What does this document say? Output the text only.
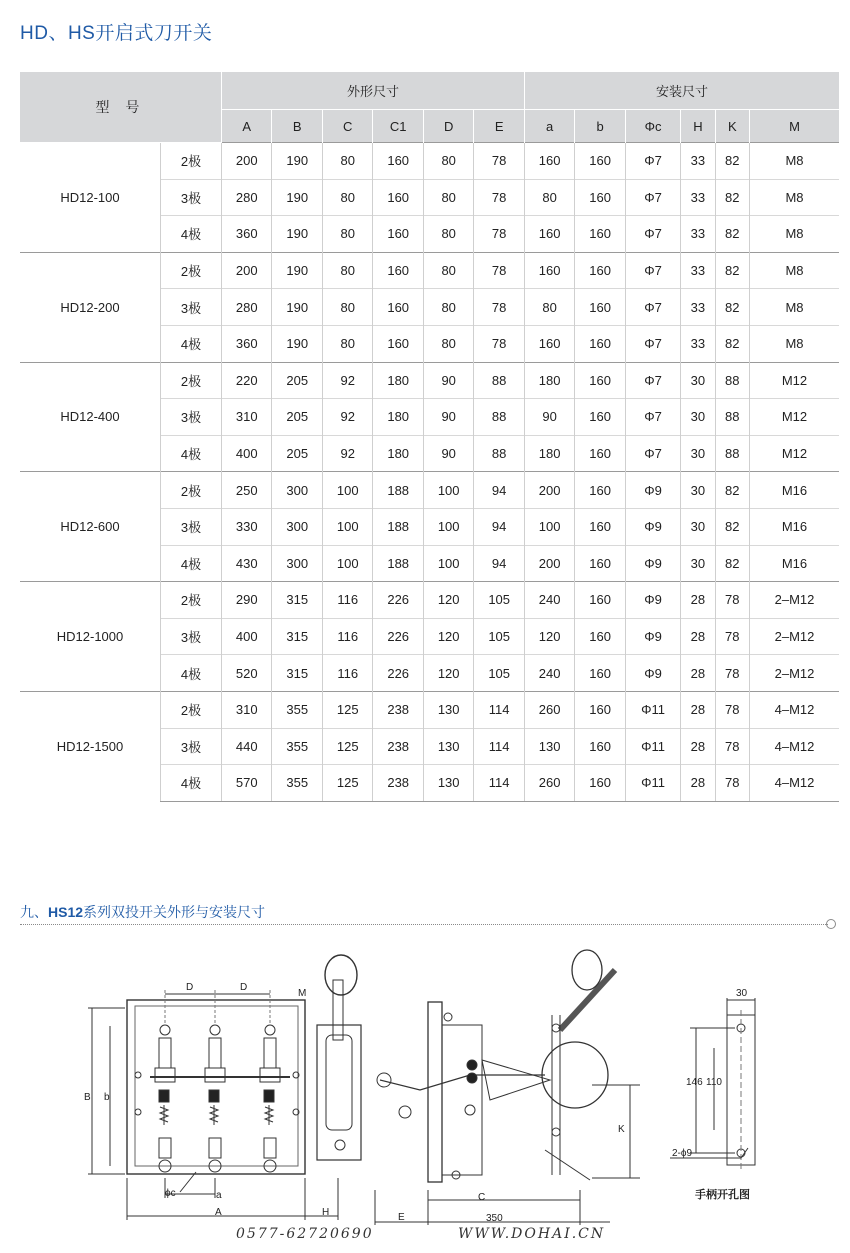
HD、HS开启式刀开关
型 号		外形尺寸						安装尺寸					
		A	B	C	C1	D	E	a	b	Φc	H	K	M
HD12-100	2极	200	190	80	160	80	78	160	160	Φ7	33	82	M8
	3极	280	190	80	160	80	78	80	160	Φ7	33	82	M8
	4极	360	190	80	160	80	78	160	160	Φ7	33	82	M8
HD12-200	2极	200	190	80	160	80	78	160	160	Φ7	33	82	M8
	3极	280	190	80	160	80	78	80	160	Φ7	33	82	M8
	4极	360	190	80	160	80	78	160	160	Φ7	33	82	M8
HD12-400	2极	220	205	92	180	90	88	180	160	Φ7	30	88	M12
	3极	310	205	92	180	90	88	90	160	Φ7	30	88	M12
	4极	400	205	92	180	90	88	180	160	Φ7	30	88	M12
HD12-600	2极	250	300	100	188	100	94	200	160	Φ9	30	82	M16
	3极	330	300	100	188	100	94	100	160	Φ9	30	82	M16
	4极	430	300	100	188	100	94	200	160	Φ9	30	82	M16
HD12-1000	2极	290	315	116	226	120	105	240	160	Φ9	28	78	2–M12
	3极	400	315	116	226	120	105	120	160	Φ9	28	78	2–M12
	4极	520	315	116	226	120	105	240	160	Φ9	28	78	2–M12
HD12-1500	2极	310	355	125	238	130	114	260	160	Φ11	28	78	4–M12
	3极	440	355	125	238	130	114	130	160	Φ11	28	78	4–M12
	4极	570	355	125	238	130	114	260	160	Φ11	28	78	4–M12
九、HS12系列双投开关外形与安装尺寸
D	D
M
B b
ϕc	a
A	H	E
C
350
K
30
146 110
2-ϕ9
手柄开孔图
0577-62720690	WWW.DOHAI.CN
